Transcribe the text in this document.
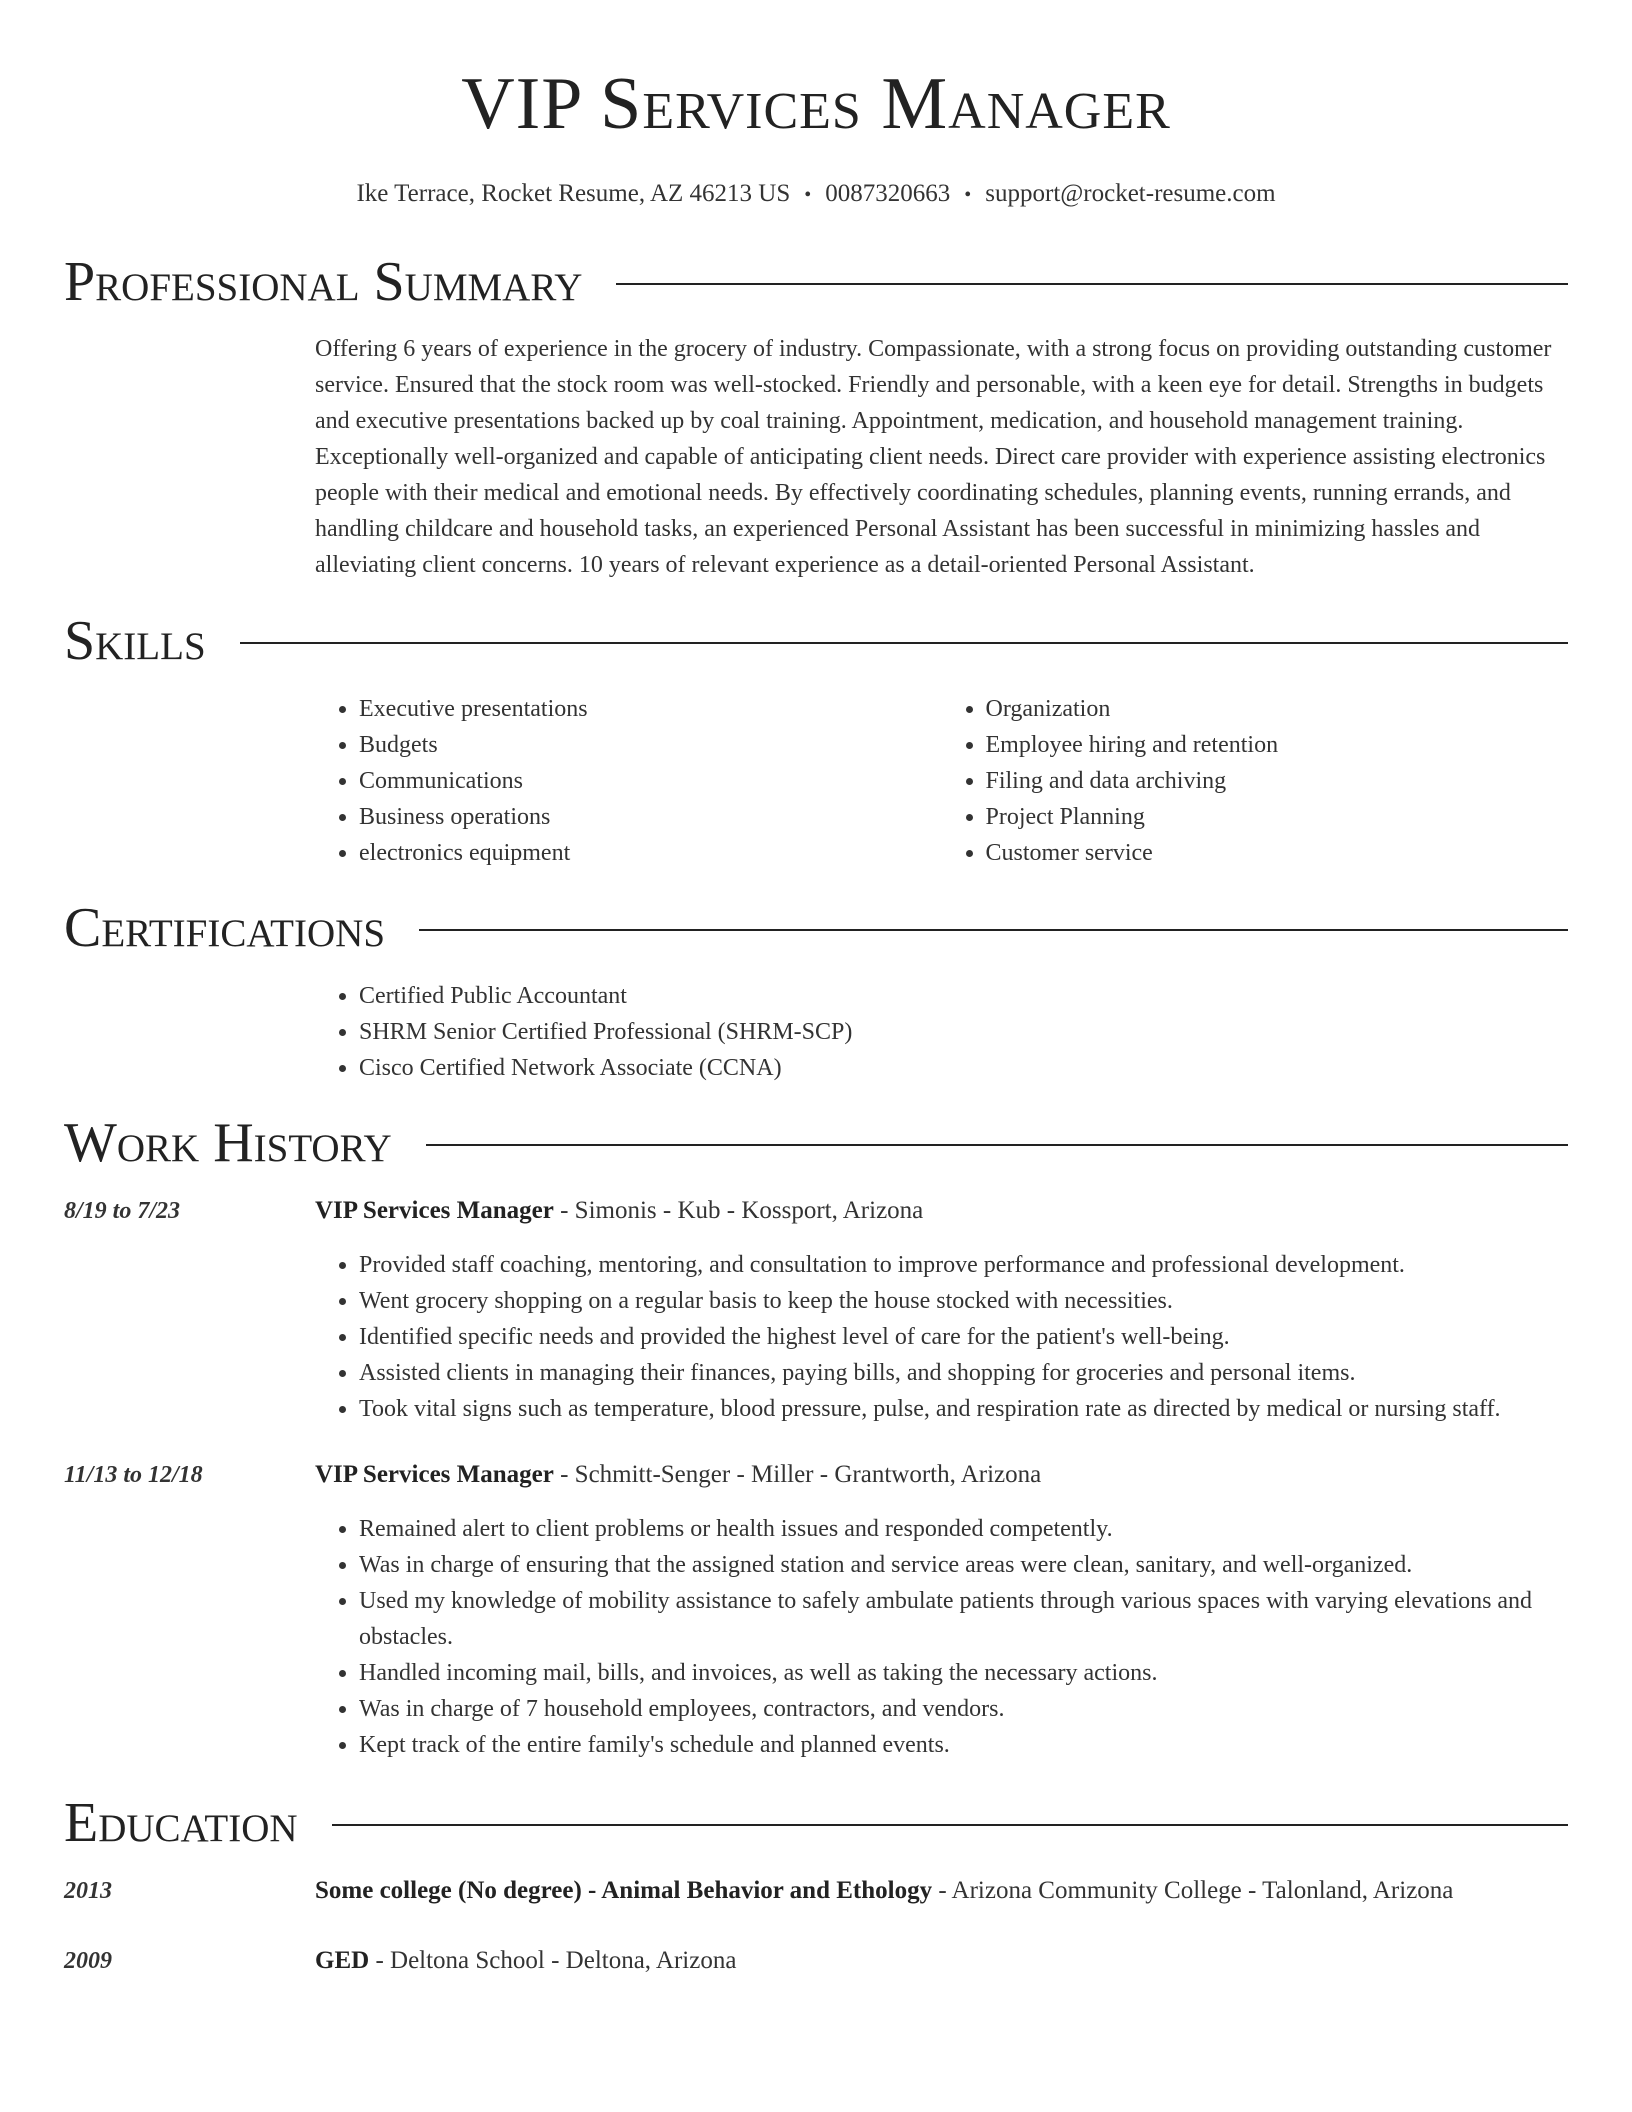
VIP Services Manager
Ike Terrace, Rocket Resume, AZ 46213 US • 0087320663 • support@rocket-resume.com
Professional Summary

Offering 6 years of experience in the grocery of industry. Compassionate, with a strong focus on providing outstanding customer service. Ensured that the stock room was well-stocked. Friendly and personable, with a keen eye for detail. Strengths in budgets and executive presentations backed up by coal training. Appointment, medication, and household management training. Exceptionally well-organized and capable of anticipating client needs. Direct care provider with experience assisting electronics people with their medical and emotional needs. By effectively coordinating schedules, planning events, running errands, and handling childcare and household tasks, an experienced Personal Assistant has been successful in minimizing hassles and alleviating client concerns. 10 years of relevant experience as a detail-oriented Personal Assistant.

Skills
• Executive presentations
• Budgets
• Communications
• Business operations
• electronics equipment
• Organization
• Employee hiring and retention
• Filing and data archiving
• Project Planning
• Customer service
Certifications
• Certified Public Accountant
• SHRM Senior Certified Professional (SHRM-SCP)
• Cisco Certified Network Associate (CCNA)
Work History
8/19 to 7/23	VIP Services Manager - Simonis - Kub - Kossport, Arizona
• Provided staff coaching, mentoring, and consultation to improve performance and professional development.
• Went grocery shopping on a regular basis to keep the house stocked with necessities.
• Identified specific needs and provided the highest level of care for the patient's well-being.
• Assisted clients in managing their finances, paying bills, and shopping for groceries and personal items.
• Took vital signs such as temperature, blood pressure, pulse, and respiration rate as directed by medical or nursing staff.
11/13 to 12/18	VIP Services Manager - Schmitt-Senger - Miller - Grantworth, Arizona
• Remained alert to client problems or health issues and responded competently.
• Was in charge of ensuring that the assigned station and service areas were clean, sanitary, and well-organized.
• Used my knowledge of mobility assistance to safely ambulate patients through various spaces with varying elevations and obstacles.
• Handled incoming mail, bills, and invoices, as well as taking the necessary actions.
• Was in charge of 7 household employees, contractors, and vendors.
• Kept track of the entire family's schedule and planned events.
Education
2013	Some college (No degree) - Animal Behavior and Ethology - Arizona Community College - Talonland, Arizona
2009	GED - Deltona School - Deltona, Arizona
